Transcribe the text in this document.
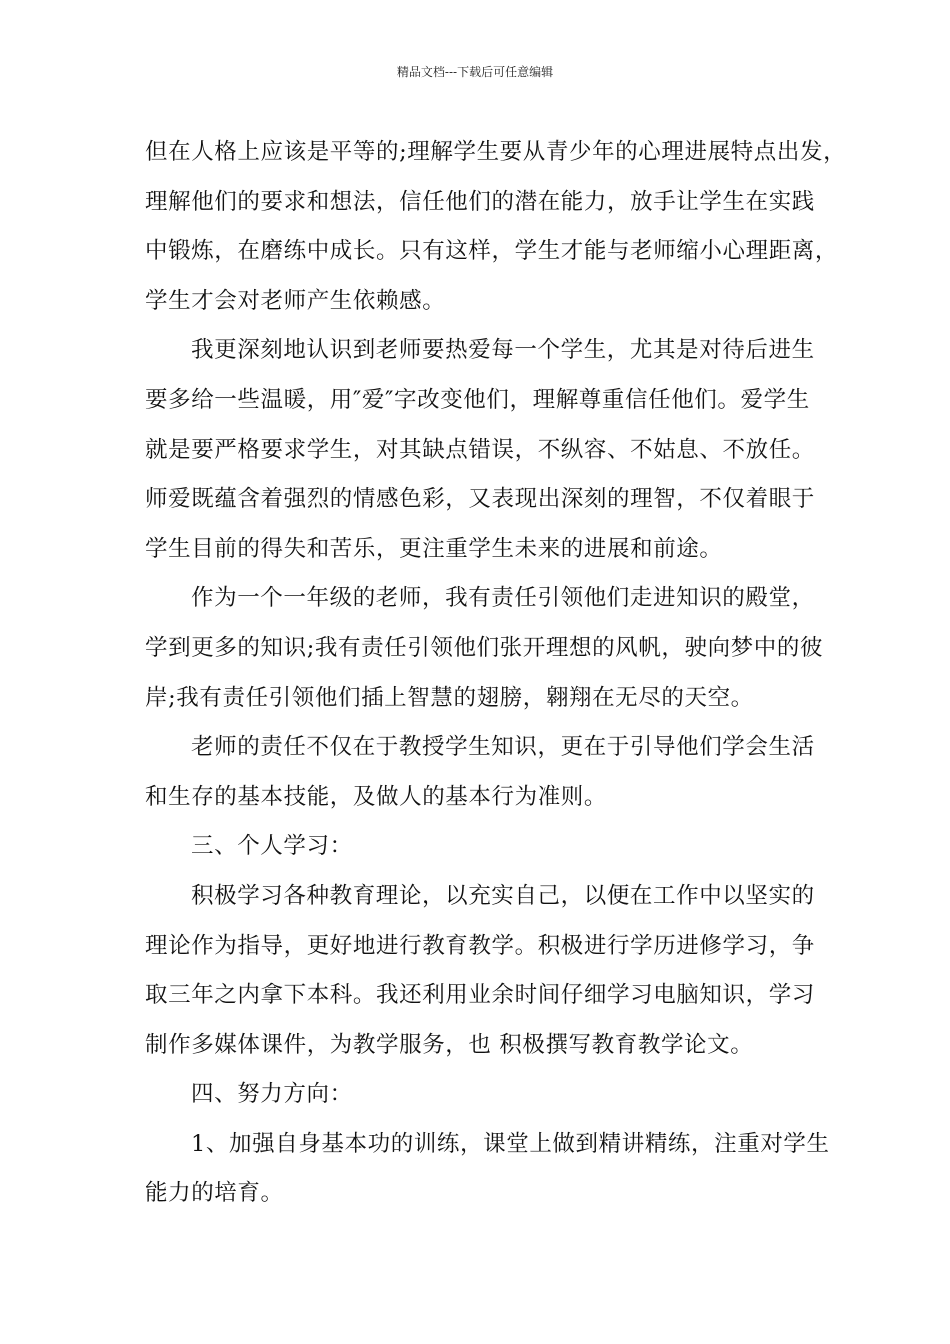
精品文档---下载后可任意编辑

但在人格上应该是平等的;理解学生要从青少年的心理进展特点出发，
理解他们的要求和想法，信任他们的潜在能力，放手让学生在实践
中锻炼，在磨练中成长。只有这样，学生才能与老师缩小心理距离，
学生才会对老师产生依赖感。

我更深刻地认识到老师要热爱每一个学生，尤其是对待后进生
要多给一些温暖，用″爱″字改变他们，理解尊重信任他们。爱学生
就是要严格要求学生，对其缺点错误，不纵容、不姑息、不放任。
师爱既蕴含着强烈的情感色彩，又表现出深刻的理智，不仅着眼于
学生目前的得失和苦乐，更注重学生未来的进展和前途。

作为一个一年级的老师，我有责任引领他们走进知识的殿堂，
学到更多的知识;我有责任引领他们张开理想的风帆，驶向梦中的彼
岸;我有责任引领他们插上智慧的翅膀，翱翔在无尽的天空。

老师的责任不仅在于教授学生知识，更在于引导他们学会生活
和生存的基本技能，及做人的基本行为准则。

三、个人学习：

积极学习各种教育理论，以充实自己，以便在工作中以坚实的
理论作为指导，更好地进行教育教学。积极进行学历进修学习，争
取三年之内拿下本科。我还利用业余时间仔细学习电脑知识，学习
制作多媒体课件，为教学服务，也 积极撰写教育教学论文。

四、努力方向：

1、加强自身基本功的训练，课堂上做到精讲精练，注重对学生
能力的培育。
